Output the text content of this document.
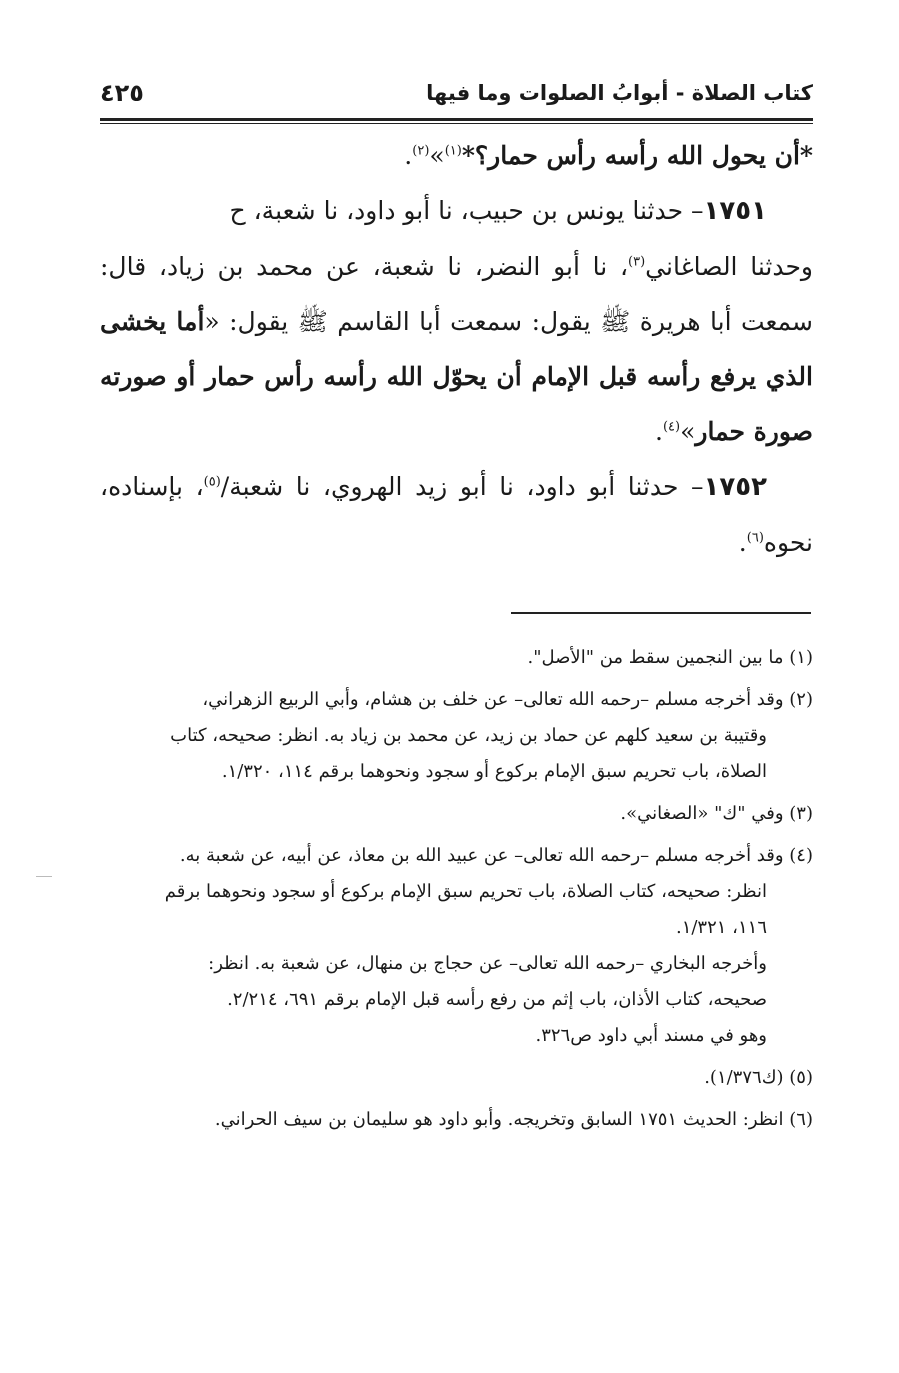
كتاب الصلاة - أبوابُ الصلوات وما فيها
٤٢٥

*أن يحول الله رأسه رأس حمار؟*$^{(١)}$»$^{(٢)}$.

١٧٥١– حدثنا يونس بن حبيب، نا أبو داود، نا شعبة، ح

وحدثنا الصاغاني$^{(٣)}$، نا أبو النضر، نا شعبة، عن محمد بن زياد، قال: سمعت أبا هريرة ﷺ يقول: سمعت أبا القاسم ﷺ يقول: «أما يخشى الذي يرفع رأسه قبل الإمام أن يحوّل الله رأسه رأس حمار أو صورته صورة حمار»$^{(٤)}$.

١٧٥٢– حدثنا أبو داود، نا أبو زيد الهروي، نا شعبة/$^{(٥)}$، بإسناده، نحوه$^{(٦)}$.

(١) ما بين النجمين سقط من "الأصل".

(٢) وقد أخرجه مسلم –رحمه الله تعالى– عن خلف بن هشام، وأبي الربيع الزهراني،

وقتيبة بن سعيد كلهم عن حماد بن زيد، عن محمد بن زياد به. انظر: صحيحه، كتاب

الصلاة، باب تحريم سبق الإمام بركوع أو سجود ونحوهما برقم ١١٤، ١/٣٢٠.

(٣) وفي "ك" «الصغاني».

(٤) وقد أخرجه مسلم –رحمه الله تعالى– عن عبيد الله بن معاذ، عن أبيه، عن شعبة به.

انظر: صحيحه، كتاب الصلاة، باب تحريم سبق الإمام بركوع أو سجود ونحوهما برقم

١١٦، ١/٣٢١.

وأخرجه البخاري –رحمه الله تعالى– عن حجاج بن منهال، عن شعبة به. انظر:

صحيحه، كتاب الأذان، باب إثم من رفع رأسه قبل الإمام برقم ٦٩١، ٢/٢١٤.

وهو في مسند أبي داود ص٣٢٦.

(٥) (ك١/٣٧٦).

(٦) انظر: الحديث ١٧٥١ السابق وتخريجه. وأبو داود هو سليمان بن سيف الحراني.
